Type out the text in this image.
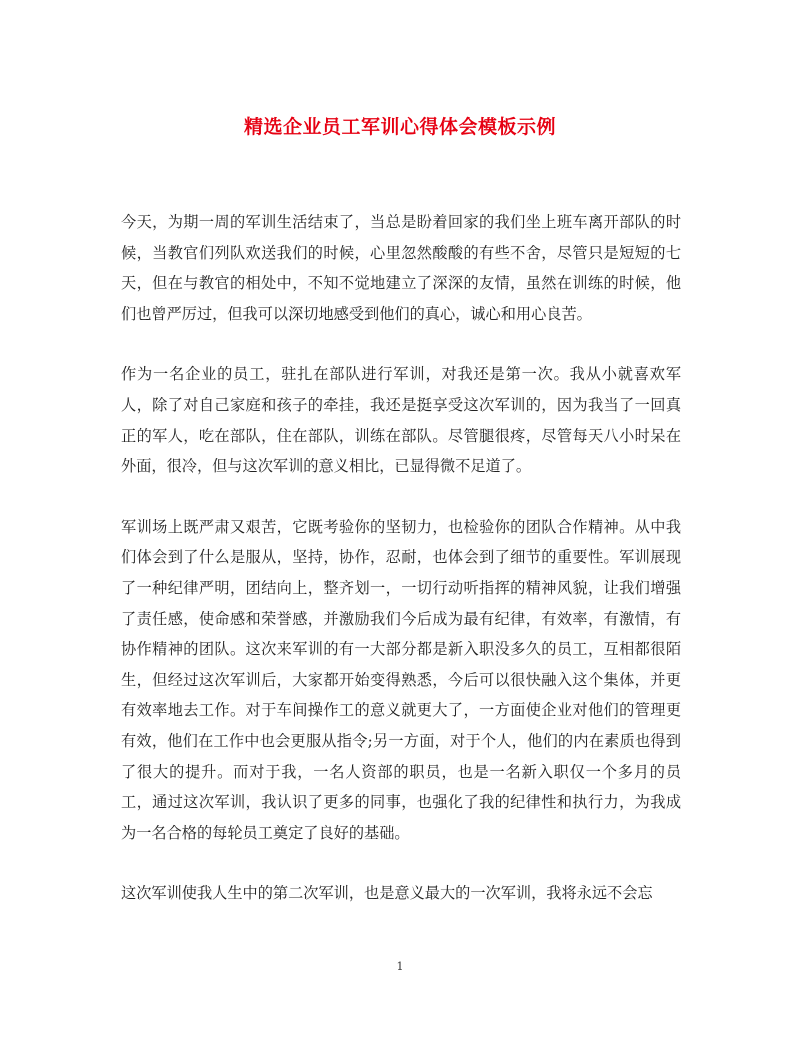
精选企业员工军训心得体会模板示例

今天，为期一周的军训生活结束了，当总是盼着回家的我们坐上班车离开部队的时候，当教官们列队欢送我们的时候，心里忽然酸酸的有些不舍，尽管只是短短的七天，但在与教官的相处中，不知不觉地建立了深深的友情，虽然在训练的时候，他们也曾严厉过，但我可以深切地感受到他们的真心，诚心和用心良苦。

作为一名企业的员工，驻扎在部队进行军训，对我还是第一次。我从小就喜欢军人，除了对自己家庭和孩子的牵挂，我还是挺享受这次军训的，因为我当了一回真正的军人，吃在部队，住在部队，训练在部队。尽管腿很疼，尽管每天八小时呆在外面，很冷，但与这次军训的意义相比，已显得微不足道了。

军训场上既严肃又艰苦，它既考验你的坚韧力，也检验你的团队合作精神。从中我们体会到了什么是服从，坚持，协作，忍耐，也体会到了细节的重要性。军训展现了一种纪律严明，团结向上，整齐划一，一切行动听指挥的精神风貌，让我们增强了责任感，使命感和荣誉感，并激励我们今后成为最有纪律，有效率，有激情，有协作精神的团队。这次来军训的有一大部分都是新入职没多久的员工，互相都很陌生，但经过这次军训后，大家都开始变得熟悉，今后可以很快融入这个集体，并更有效率地去工作。对于车间操作工的意义就更大了，一方面使企业对他们的管理更有效，他们在工作中也会更服从指令;另一方面，对于个人，他们的内在素质也得到了很大的提升。而对于我，一名人资部的职员，也是一名新入职仅一个多月的员工，通过这次军训，我认识了更多的同事，也强化了我的纪律性和执行力，为我成为一名合格的每轮员工奠定了良好的基础。

这次军训使我人生中的第二次军训，也是意义最大的一次军训，我将永远不会忘

1
